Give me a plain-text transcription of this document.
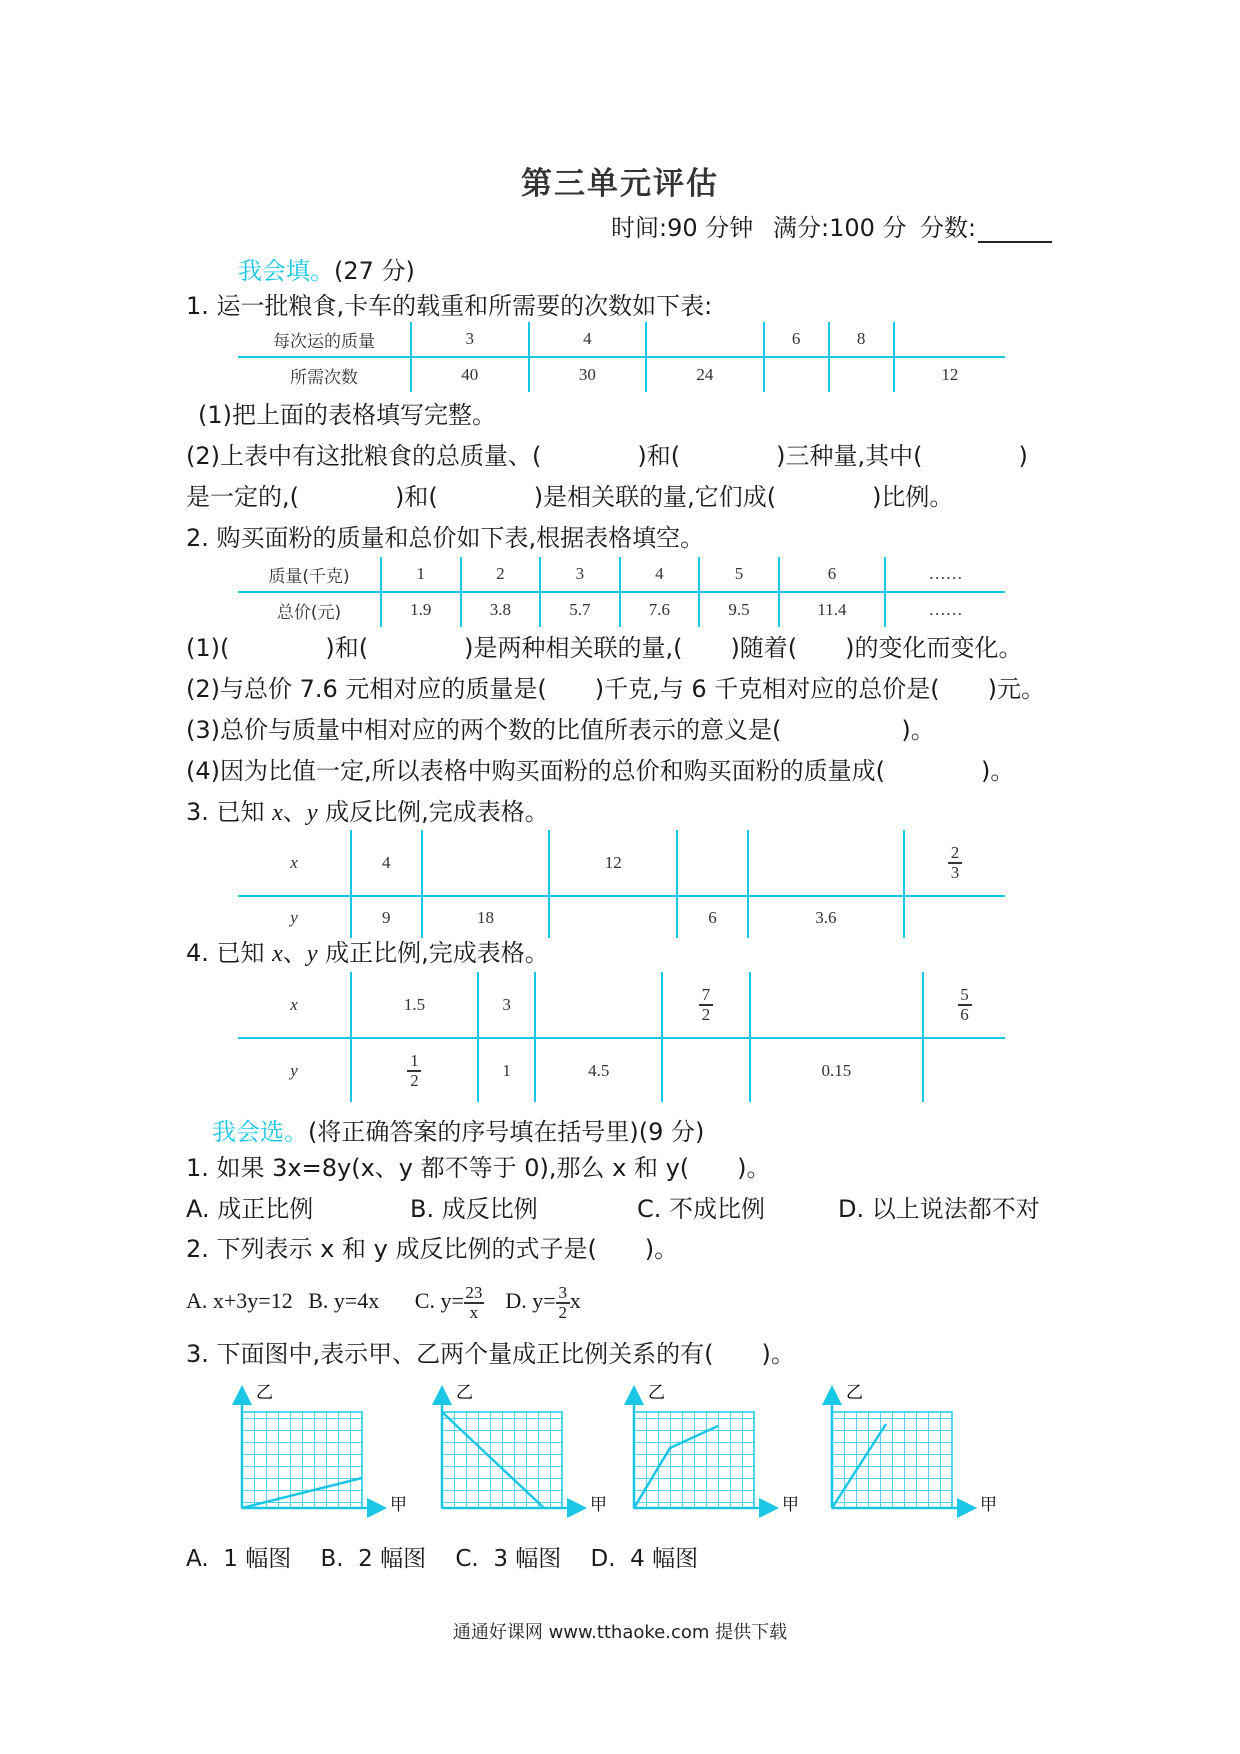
第三单元评估
时间:90 分钟 满分:100 分 分数:
我会填。(27 分)
1. 运一批粮食,卡车的载重和所需要的次数如下表:
每次运的质量	3	4		6	8	
所需次数	40	30	24			12
(1)把上面的表格填写完整。
(2)上表中有这批粮食的总质量、(　　　　)和(　　　　)三种量,其中(　　　　)
是一定的,(　　　　)和(　　　　)是相关联的量,它们成(　　　　)比例。
2. 购买面粉的质量和总价如下表,根据表格填空。
质量(千克)	1	2	3	4	5	6	……
总价(元)	1.9	3.8	5.7	7.6	9.5	11.4	……
(1)(　　　　)和(　　　　)是两种相关联的量,(　　)随着(　　)的变化而变化。
(2)与总价 7.6 元相对应的质量是(　　)千克,与 6 千克相对应的总价是(　　)元。
(3)总价与质量中相对应的两个数的比值所表示的意义是(　　　　　)。
(4)因为比值一定,所以表格中购买面粉的总价和购买面粉的质量成(　　　　)。
3. 已知 x、y 成反比例,完成表格。
x	4		12			$\frac{2}{3}$

y	9	18		6	3.6	
4. 已知 x、y 成正比例,完成表格。
x	1.5	3		$\frac{7}{2}$		$\frac{5}{6}$

y	$\frac{1}{2}$	1	4.5		0.15	
我会选。(将正确答案的序号填在括号里)(9 分)
1. 如果 3x=8y(x、y 都不等于 0),那么 x 和 y(　　)。
A. 成正比例	B. 成反比例	C. 不成比例	D. 以上说法都不对
2. 下列表示 x 和 y 成反比例的式子是(　　)。
A. x+3y=12 B. y=4x C. $y= \frac{23}{x} D$. $y= \frac{3}{2}$ x
3. 下面图中,表示甲、乙两个量成正比例关系的有(　　)。
乙
甲
乙
甲
乙
甲
乙
甲
A.  1 幅图    B.  2 幅图    C.  3 幅图    D.  4 幅图
通通好课网 www.tthaoke.com 提供下载
